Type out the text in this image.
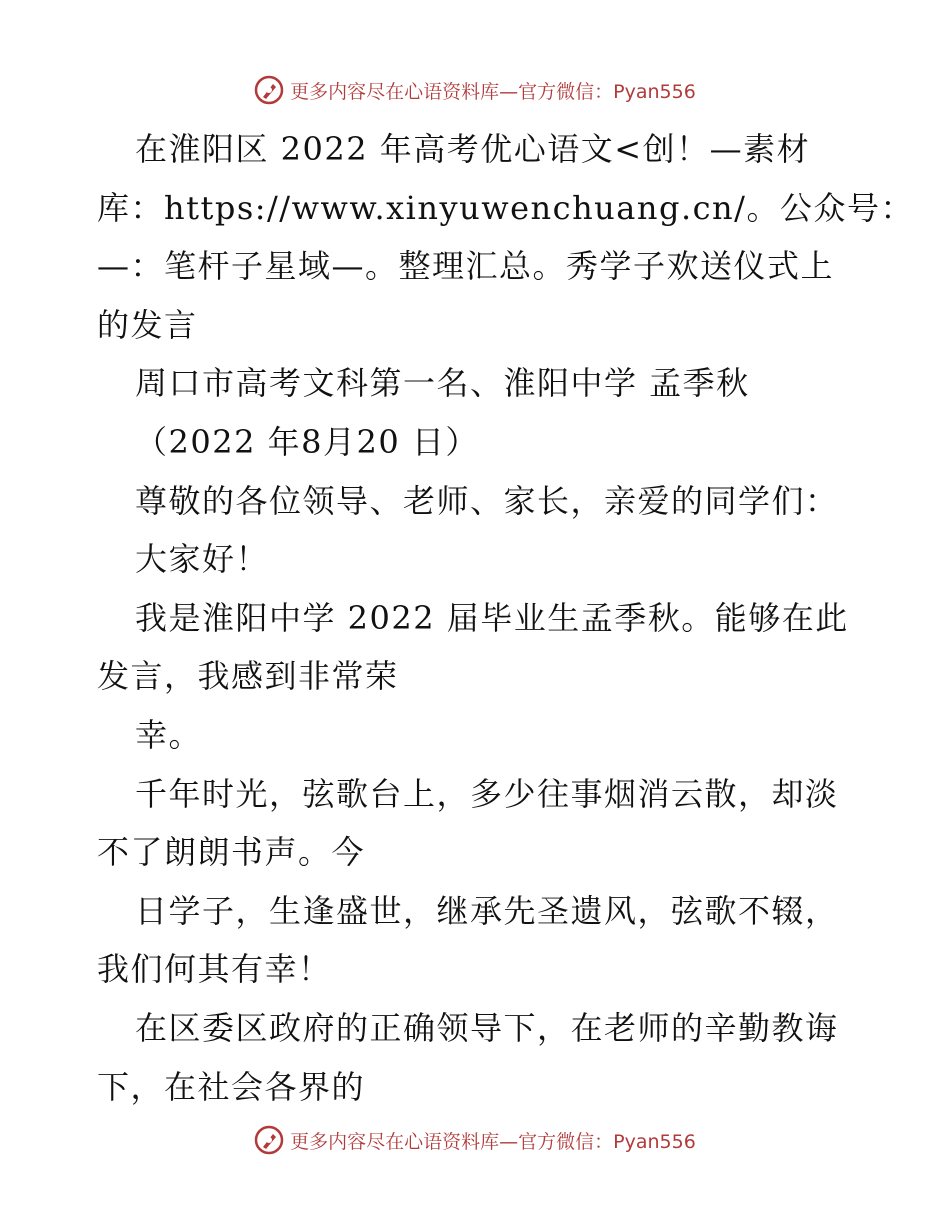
更多内容尽在心语资料库—官方微信：Pyan556
在淮阳区 2022 年高考优心语文<创！—素材
库：https://www.xinyuwenchuang.cn/。公众号：
—：笔杆子星域—。整理汇总。秀学子欢送仪式上
的发言
周口市高考文科第一名、淮阳中学 孟季秋
（2022 年8月20 日）
尊敬的各位领导、老师、家长，亲爱的同学们：
大家好！
我是淮阳中学 2022 届毕业生孟季秋。能够在此
发言，我感到非常荣
幸。
千年时光，弦歌台上，多少往事烟消云散，却淡
不了朗朗书声。今
日学子，生逢盛世，继承先圣遗风，弦歌不辍，
我们何其有幸！
在区委区政府的正确领导下，在老师的辛勤教诲
下，在社会各界的
更多内容尽在心语资料库—官方微信：Pyan556
